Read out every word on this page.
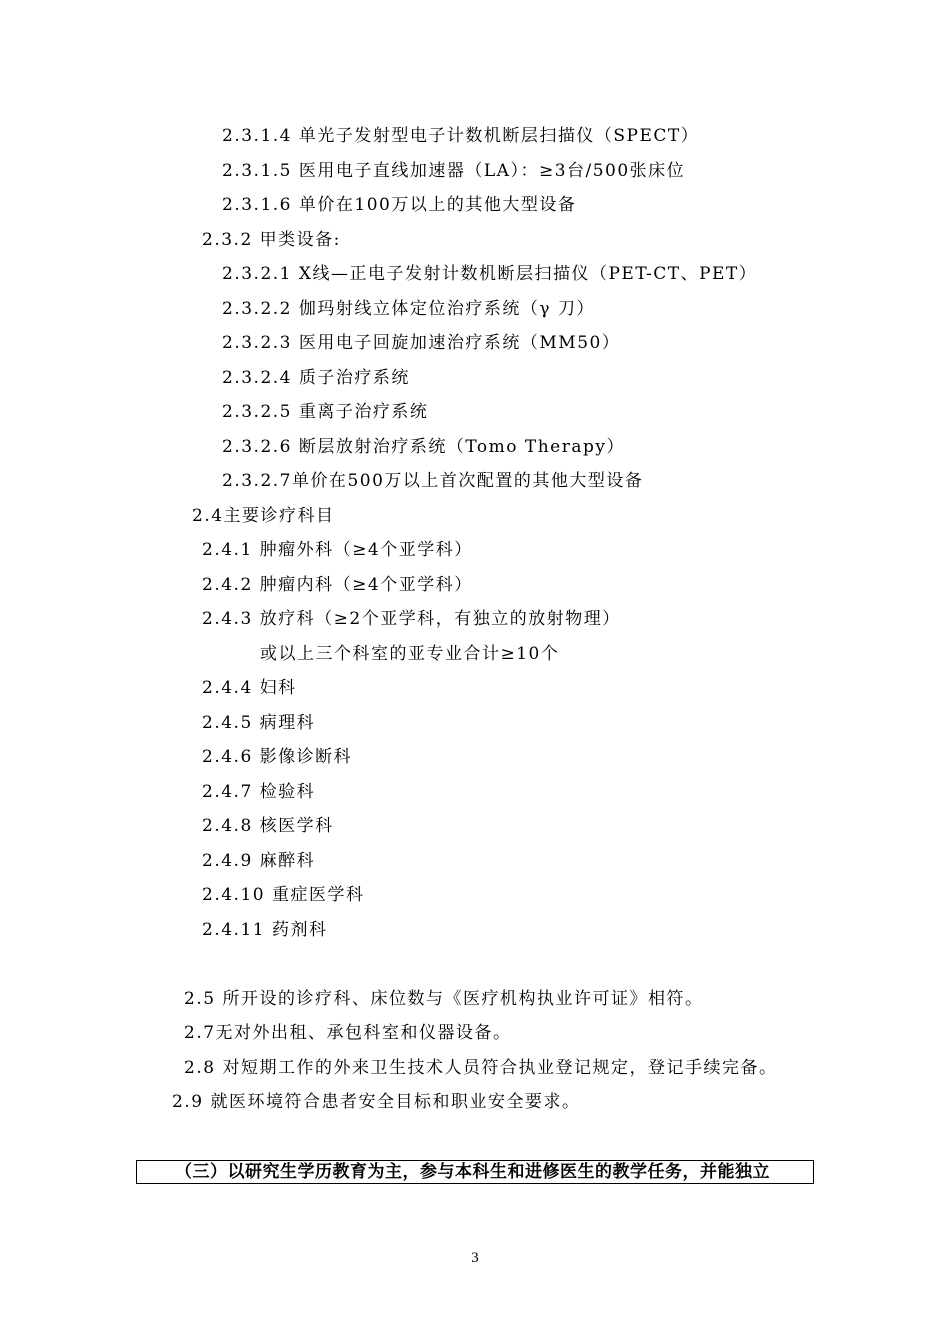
2.3.1.4 单光子发射型电子计数机断层扫描仪（SPECT）
2.3.1.5 医用电子直线加速器（LA）：≥3台/500张床位
2.3.1.6 单价在100万以上的其他大型设备
2.3.2 甲类设备:
2.3.2.1 X线—正电子发射计数机断层扫描仪（PET-CT、PET）
2.3.2.2 伽玛射线立体定位治疗系统（γ 刀）
2.3.2.3 医用电子回旋加速治疗系统（MM50）
2.3.2.4 质子治疗系统
2.3.2.5 重离子治疗系统
2.3.2.6 断层放射治疗系统（Tomo Therapy）
2.3.2.7单价在500万以上首次配置的其他大型设备
2.4主要诊疗科目
2.4.1 肿瘤外科（≥4个亚学科）
2.4.2 肿瘤内科（≥4个亚学科）
2.4.3 放疗科（≥2个亚学科，有独立的放射物理）
或以上三个科室的亚专业合计≥10个
2.4.4 妇科
2.4.5 病理科
2.4.6 影像诊断科
2.4.7 检验科
2.4.8 核医学科
2.4.9 麻醉科
2.4.10 重症医学科
2.4.11 药剂科
2.5 所开设的诊疗科、床位数与《医疗机构执业许可证》相符。
2.7无对外出租、承包科室和仪器设备。
2.8 对短期工作的外来卫生技术人员符合执业登记规定，登记手续完备。
2.9 就医环境符合患者安全目标和职业安全要求。
（三）以研究生学历教育为主，参与本科生和进修医生的教学任务，并能独立
3
